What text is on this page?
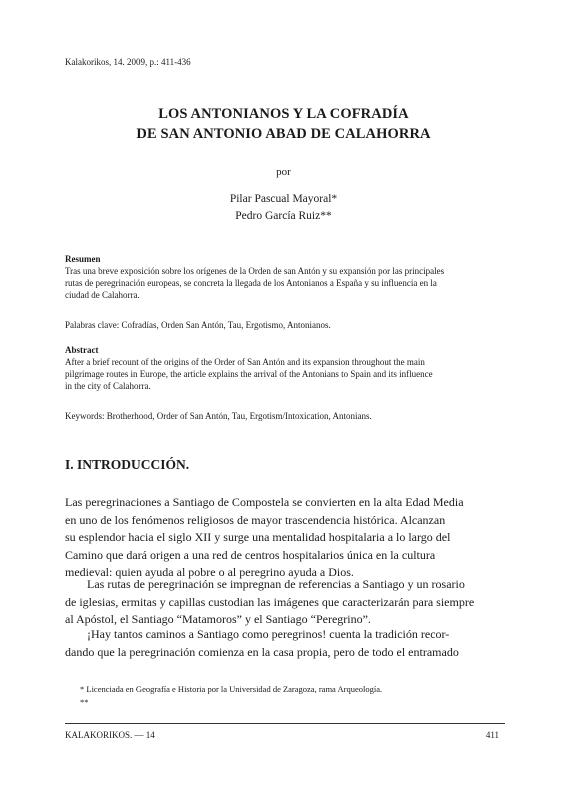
Kalakorikos, 14. 2009, p.: 411-436
LOS ANTONIANOS Y LA COFRADÍA
DE SAN ANTONIO ABAD DE CALAHORRA
por
Pilar Pascual Mayoral*
Pedro García Ruiz**
Resumen
Tras una breve exposición sobre los orígenes de la Orden de san Antón y su expansión por las principales
rutas de peregrinación europeas, se concreta la llegada de los Antonianos a España y su influencia en la
ciudad de Calahorra.
Palabras clave: Cofradías, Orden San Antón, Tau, Ergotismo, Antonianos.
Abstract
After a brief recount of the origins of the Order of San Antón and its expansion throughout the main
pilgrimage routes in Europe, the article explains the arrival of the Antonians to Spain and its influence
in the city of Calahorra.
Keywords: Brotherhood, Order of San Antón, Tau, Ergotism/Intoxication, Antonians.
I. INTRODUCCIÓN.
Las peregrinaciones a Santiago de Compostela se convierten en la alta Edad Media
en uno de los fenómenos religiosos de mayor trascendencia histórica. Alcanzan
su esplendor hacia el siglo XII y surge una mentalidad hospitalaria a lo largo del
Camino que dará origen a una red de centros hospitalarios única en la cultura
medieval: quien ayuda al pobre o al peregrino ayuda a Dios.
Las rutas de peregrinación se impregnan de referencias a Santiago y un rosario
de iglesias, ermitas y capillas custodian las imágenes que caracterizarán para siempre
al Apóstol, el Santiago “Matamoros” y el Santiago “Peregrino”.
¡Hay tantos caminos a Santiago como peregrinos! cuenta la tradición recor-
dando que la peregrinación comienza en la casa propia, pero de todo el entramado
* Licenciada en Geografía e Historia por la Universidad de Zaragoza, rama Arqueología.
**
KALAKORIKOS. — 14	411
